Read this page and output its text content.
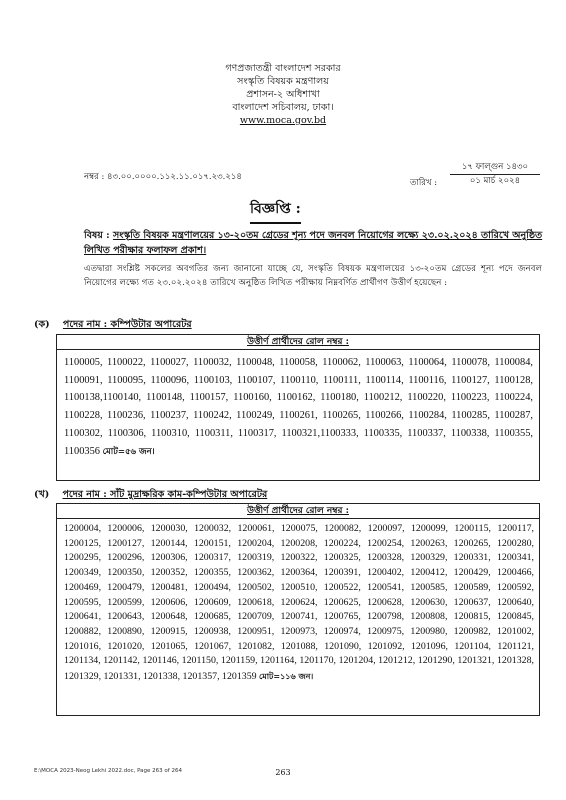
গণপ্রজাতন্ত্রী বাংলাদেশ সরকার
সংস্কৃতি বিষয়ক মন্ত্রণালয়
প্রশাসন-২ অধিশাখা
বাংলাদেশ সচিবালয়, ঢাকা।
www.moca.gov.bd
নম্বর : ৪৩.০০.০০০০.১১২.১১.০১৭.২৩.২১৪
তারিখ :
১৭ ফাল্গুন ১৪৩০
০১ মার্চ ২০২৪
বিজ্ঞপ্তি :
বিষয় : সংস্কৃতি বিষয়ক মন্ত্রণালয়ের ১৩-২০তম গ্রেডের শূন্য পদে জনবল নিয়োগের লক্ষ্যে ২৩.০২.২০২৪ তারিখে অনুষ্ঠিত লিখিত পরীক্ষার ফলাফল প্রকাশ।
এতদ্বারা সংশ্লিষ্ট সকলের অবগতির জন্য জানানো যাচ্ছে যে, সংস্কৃতি বিষয়ক মন্ত্রণালয়ের ১৩-২০তম গ্রেডের শূন্য পদে জনবল নিয়োগের লক্ষ্যে গত ২৩.০২.২০২৪ তারিখে অনুষ্ঠিত লিখিত পরীক্ষায় নিম্নবর্ণিত প্রার্থীগণ উত্তীর্ণ হয়েছেন :
(ক) পদের নাম : কম্পিউটার অপারেটর
উত্তীর্ণ প্রার্থীদের রোল নম্বর :
1100005, 1100022, 1100027, 1100032, 1100048, 1100058, 1100062, 1100063, 1100064, 1100078, 1100084, 1100091, 1100095, 1100096, 1100103, 1100107, 1100110, 1100111, 1100114, 1100116, 1100127, 1100128, 1100138,1100140, 1100148, 1100157, 1100160, 1100162, 1100180, 1100212, 1100220, 1100223, 1100224, 1100228, 1100236, 1100237, 1100242, 1100249, 1100261, 1100265, 1100266, 1100284, 1100285, 1100287, 1100302, 1100306, 1100310, 1100311, 1100317, 1100321,1100333, 1100335, 1100337, 1100338, 1100355, 1100356 মোট=৫৬ জন।
(খ) পদের নাম : সাঁট মুদ্রাক্ষরিক কাম-কম্পিউটার অপারেটর
উত্তীর্ণ প্রার্থীদের রোল নম্বর :
1200004, 1200006, 1200030, 1200032, 1200061, 1200075, 1200082, 1200097, 1200099, 1200115, 1200117, 1200125, 1200127, 1200144, 1200151, 1200204, 1200208, 1200224, 1200254, 1200263, 1200265, 1200280, 1200295, 1200296, 1200306, 1200317, 1200319, 1200322, 1200325, 1200328, 1200329, 1200331, 1200341, 1200349, 1200350, 1200352, 1200355, 1200362, 1200364, 1200391, 1200402, 1200412, 1200429, 1200466, 1200469, 1200479, 1200481, 1200494, 1200502, 1200510, 1200522, 1200541, 1200585, 1200589, 1200592, 1200595, 1200599, 1200606, 1200609, 1200618, 1200624, 1200625, 1200628, 1200630, 1200637, 1200640, 1200641, 1200643, 1200648, 1200685, 1200709, 1200741, 1200765, 1200798, 1200808, 1200815, 1200845, 1200882, 1200890, 1200915, 1200938, 1200951, 1200973, 1200974, 1200975, 1200980, 1200982, 1201002, 1201016, 1201020, 1201065, 1201067, 1201082, 1201088, 1201090, 1201092, 1201096, 1201104, 1201121, 1201134, 1201142, 1201146, 1201150, 1201159, 1201164, 1201170, 1201204, 1201212, 1201290, 1201321, 1201328, 1201329, 1201331, 1201338, 1201357, 1201359 মোট=১১৬ জন।
E:\MOCA 2023-Neog Lekhi 2022.doc, Page 263 of 264	263
